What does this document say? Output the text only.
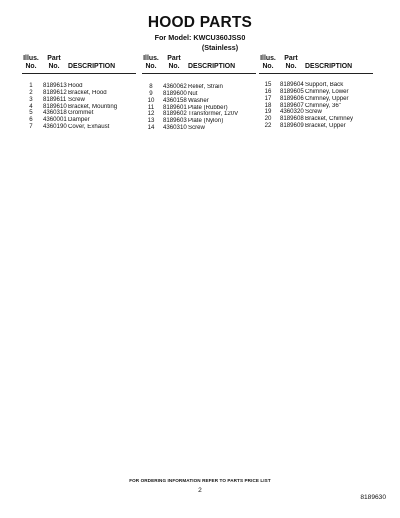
HOOD PARTS
For Model: KWCU360JSS0
(Stainless)
Illus.
No.
Part
No.	DESCRIPTION
1	8189613 Hood
2	8189612 Bracket, Hood
3	8189611 Screw
4	8189610 Bracket, Mounting
5	4360318 Grommet
6	4360001 Damper
7	4360190 Cover, Exhaust
Illus.
No.
Part
No.	DESCRIPTION
8	4360062 Relief, Strain
9	8189600 Nut
10	4360158 Washer
11	8189601 Plate (Rubber)
12	8189602 Transformer, 120V
13	8189603 Plate (Nylon)
14	4360310 Screw
Illus.
No.
Part
No.	DESCRIPTION
15	8189604 Support, Back
16	8189605 Chimney, Lower
17	8189606 Chimney, Upper
18	8189607 Chimney, 36"
19	4360320 Screw
20	8189608 Bracket, Chimney
22	8189609 Bracket, Upper
FOR ORDERING INFORMATION REFER TO PARTS PRICE LIST
2
8189630
